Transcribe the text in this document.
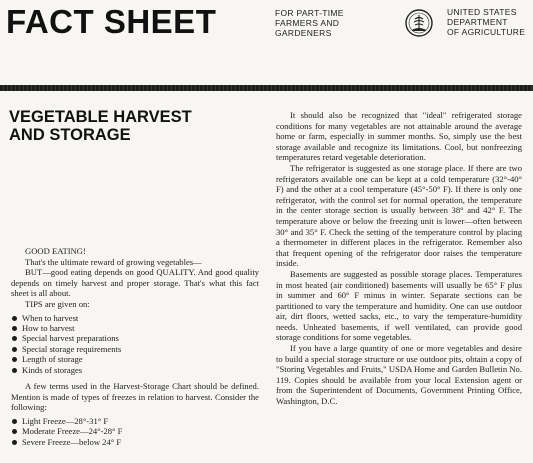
FACT SHEET	FOR PART-TIME
FARMERS AND
GARDENERS
UNITED STATES
DEPARTMENT
OF AGRICULTURE
VEGETABLE HARVEST
AND STORAGE

GOOD EATING!

That's the ultimate reward of growing vegetables—

BUT—good eating depends on good QUALITY. And good quality depends on timely harvest and proper storage. That's what this fact sheet is all about.

TIPS are given on:

When to harvest
How to harvest
Special harvest preparations
Special storage requirements
Length of storage
Kinds of storages

A few terms used in the Harvest-Storage Chart should be defined. Mention is made of types of freezes in relation to harvest. Consider the following:

Light Freeze—28°-31° F
Moderate Freeze—24°-28° F
Severe Freeze—below 24° F

It should also be recognized that "ideal" refrigerated storage conditions for many vegetables are not attainable around the average home or farm, especially in summer months. So, simply use the best storage available and recognize its limitations. Cool, but nonfreezing temperatures retard vegetable deterioration.

The refrigerator is suggested as one storage place. If there are two refrigerators available one can be kept at a cold temperature (32°-40° F) and the other at a cool temperature (45°-50° F). If there is only one refrigerator, with the control set for normal operation, the temperature in the center storage section is usually between 38° and 42° F. The temperature above or below the freezing unit is lower—often between 30° and 35° F. Check the setting of the temperature control by placing a thermometer in different places in the refrigerator. Remember also that frequent opening of the refrigerator door raises the temperature inside.

Basements are suggested as possible storage places. Temperatures in most heated (air conditioned) basements will usually be 65° F plus in summer and 60° F minus in winter. Separate sections can be partitioned to vary the temperature and humidity. One can use outdoor air, dirt floors, wetted sacks, etc., to vary the temperature-humidity needs. Unheated basements, if well ventilated, can provide good storage conditions for some vegetables.

If you have a large quantity of one or more vegetables and desire to build a special storage structure or use outdoor pits, obtain a copy of "Storing Vegetables and Fruits," USDA Home and Garden Bulletin No. 119. Copies should be available from your local Extension agent or from the Superintendent of Documents, Government Printing Office, Washington, D.C.
